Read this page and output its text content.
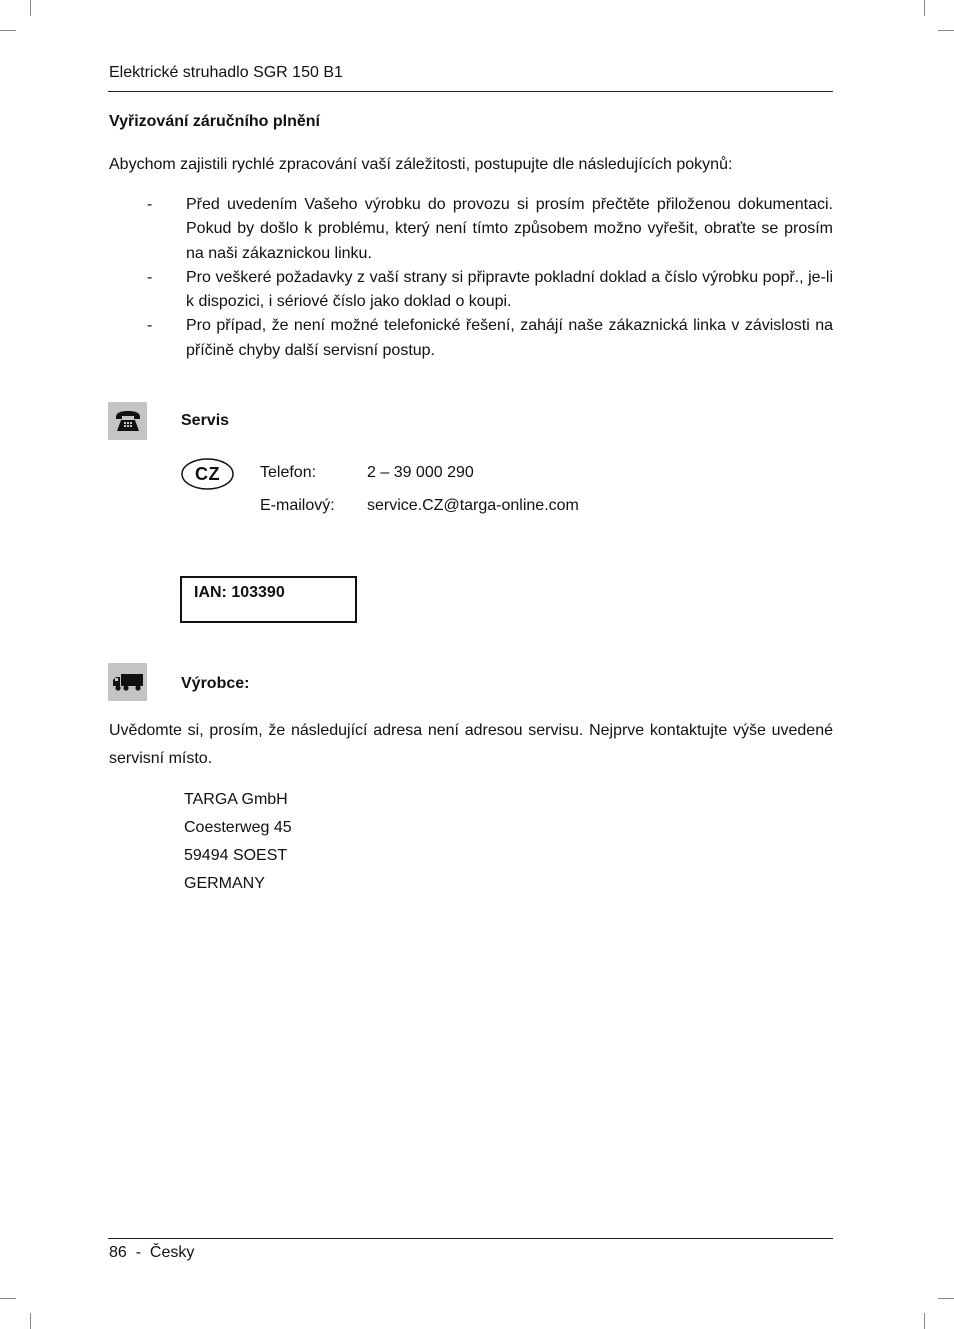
Elektrické struhadlo SGR 150 B1
Vyřizování záručního plnění
Abychom zajistili rychlé zpracování vaší záležitosti, postupujte dle následujících pokynů:
- Před uvedením Vašeho výrobku do provozu si prosím přečtěte přiloženou dokumentaci. Pokud by došlo k problému, který není tímto způsobem možno vyřešit, obraťte se prosím na naši zákaznickou linku.
- Pro veškeré požadavky z vaší strany si připravte pokladní doklad a číslo výrobku popř., je-li k dispozici, i sériové číslo jako doklad o koupi.
- Pro případ, že není možné telefonické řešení, zahájí naše zákaznická linka v závislosti na příčině chyby další servisní postup.
Servis
CZ	Telefon:	2 – 39 000 290
E-mailový: service.CZ@targa-online.com
IAN: 103390
Výrobce:
Uvědomte si, prosím, že následující adresa není adresou servisu. Nejprve kontaktujte výše uvedené servisní místo.
TARGA GmbH
Coesterweg 45
59494 SOEST
GERMANY
86  -  Česky
